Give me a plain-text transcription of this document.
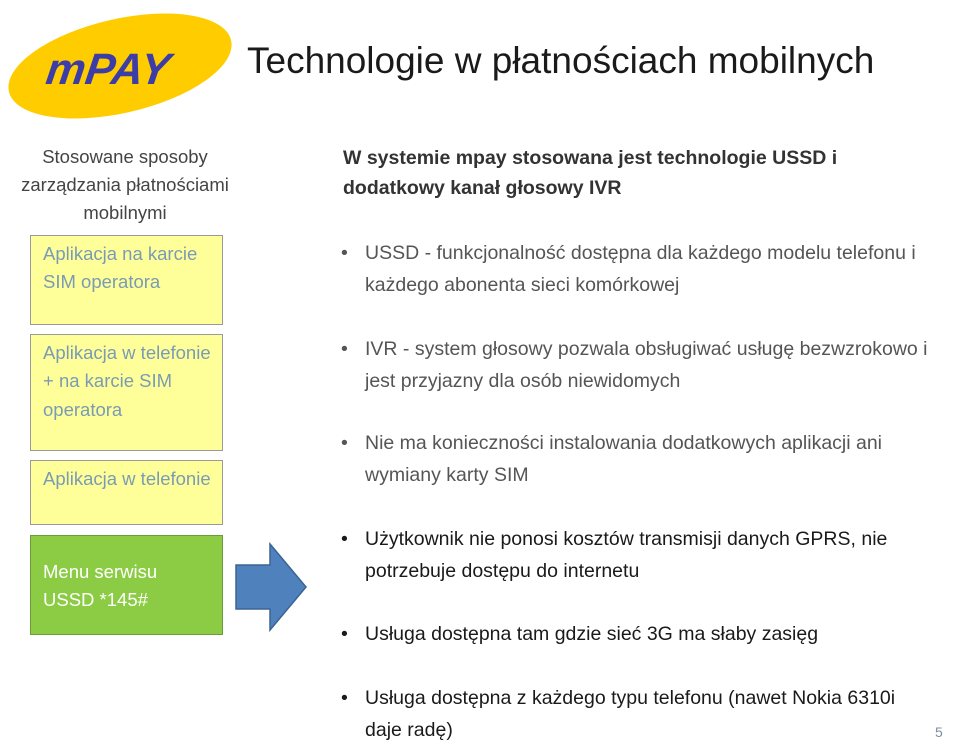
mPAY Technologie w płatnościach mobilnych
Stosowane sposoby zarządzania płatnościami mobilnymi
Aplikacja na karcie SIM operatora
Aplikacja w telefonie + na karcie SIM operatora
Aplikacja w telefonie
Menu serwisu USSD *145#
W systemie mpay stosowana jest technologie USSD i dodatkowy kanał głosowy IVR
• USSD - funkcjonalność dostępna dla każdego modelu telefonu i każdego abonenta sieci komórkowej
• IVR - system głosowy pozwala obsługiwać usługę bezwzrokowo i jest przyjazny dla osób niewidomych
• Nie ma konieczności instalowania dodatkowych aplikacji ani wymiany karty SIM
• Użytkownik nie ponosi kosztów transmisji danych GPRS, nie potrzebuje dostępu do internetu
• Usługa dostępna tam gdzie sieć 3G ma słaby zasięg
• Usługa dostępna z każdego typu telefonu (nawet Nokia 6310i daje radę)	5
